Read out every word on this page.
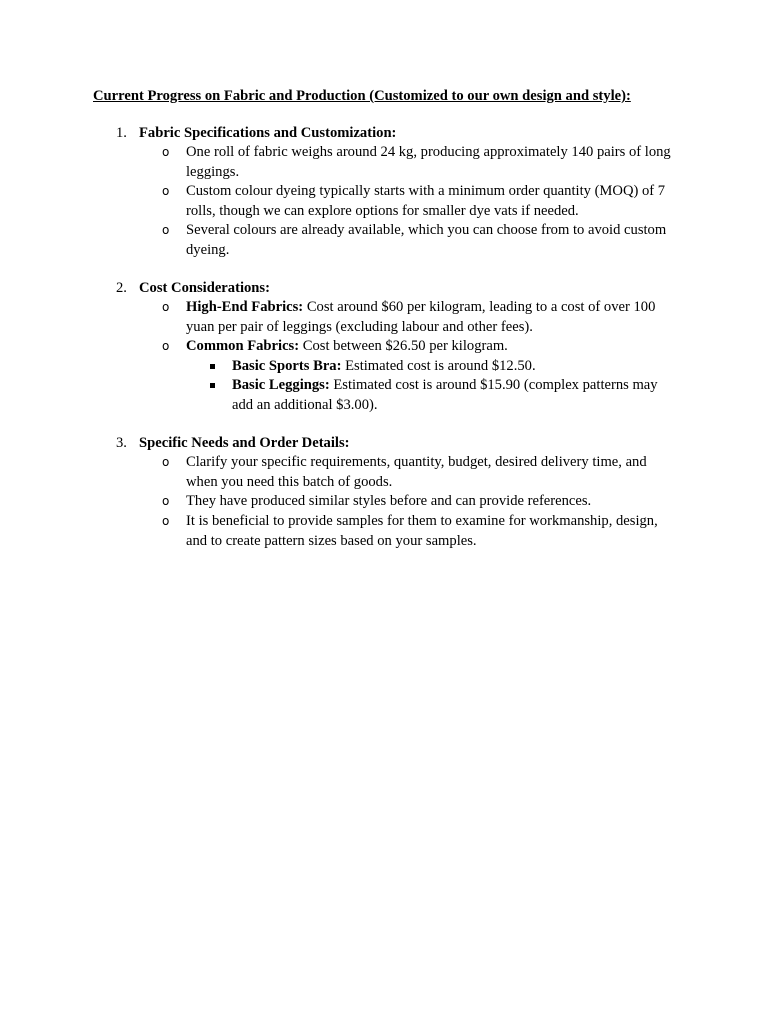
Current Progress on Fabric and Production (Customized to our own design and style):
1. Fabric Specifications and Customization:
o One roll of fabric weighs around 24 kg, producing approximately 140 pairs of long leggings.
o Custom colour dyeing typically starts with a minimum order quantity (MOQ) of 7 rolls, though we can explore options for smaller dye vats if needed.
o Several colours are already available, which you can choose from to avoid custom dyeing.
2. Cost Considerations:
o High-End Fabrics: Cost around $60 per kilogram, leading to a cost of over 100 yuan per pair of leggings (excluding labour and other fees).
o Common Fabrics: Cost between $26.50 per kilogram.
Basic Sports Bra: Estimated cost is around $12.50.
Basic Leggings: Estimated cost is around $15.90 (complex patterns may add an additional $3.00).
3. Specific Needs and Order Details:
o Clarify your specific requirements, quantity, budget, desired delivery time, and when you need this batch of goods.
o They have produced similar styles before and can provide references.
o It is beneficial to provide samples for them to examine for workmanship, design, and to create pattern sizes based on your samples.
